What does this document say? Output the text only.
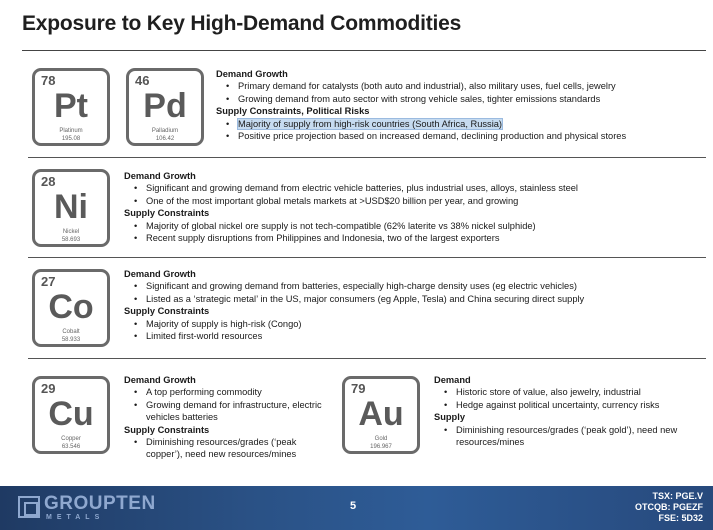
Exposure to Key High-Demand Commodities
78
Pt
Platinum
195.08
46
Pd
Palladium
106.42
Demand Growth
• Primary demand for catalysts (both auto and industrial), also military uses, fuel cells, jewelry
• Growing demand from auto sector with strong vehicle sales, tighter emissions standards
Supply Constraints, Political Risks
• Majority of supply from high-risk countries (South Africa, Russia)
• Positive price projection based on increased demand, declining production and physical stores
28
Ni
Nickel
58.693
Demand Growth
• Significant and growing demand from electric vehicle batteries, plus industrial uses, alloys, stainless steel
• One of the most important global metals markets at >USD$20 billion per year, and growing
Supply Constraints
• Majority of global nickel ore supply is not tech-compatible (62% laterite vs 38% nickel sulphide)
• Recent supply disruptions from Philippines and Indonesia, two of the largest exporters
27
Co
Cobalt
58.933
Demand Growth
• Significant and growing demand from batteries, especially high-charge density uses (eg electric vehicles)
• Listed as a ‘strategic metal’ in the US, major consumers (eg Apple, Tesla) and China securing direct supply
Supply Constraints
• Majority of supply is high-risk (Congo)
• Limited first-world resources
29
Cu
Copper
63.546
Demand Growth
• A top performing commodity
• Growing demand for infrastructure, electric vehicles batteries
Supply Constraints
• Diminishing resources/grades (‘peak copper’), need new resources/mines
79
Au
Gold
196.967
Demand
• Historic store of value, also jewelry, industrial
• Hedge against political uncertainty, currency risks
Supply
• Diminishing resources/grades (‘peak gold’), need new resources/mines
GROUPTEN
METALS
5
TSX: PGE.V
OTCQB: PGEZF
FSE: 5D32
